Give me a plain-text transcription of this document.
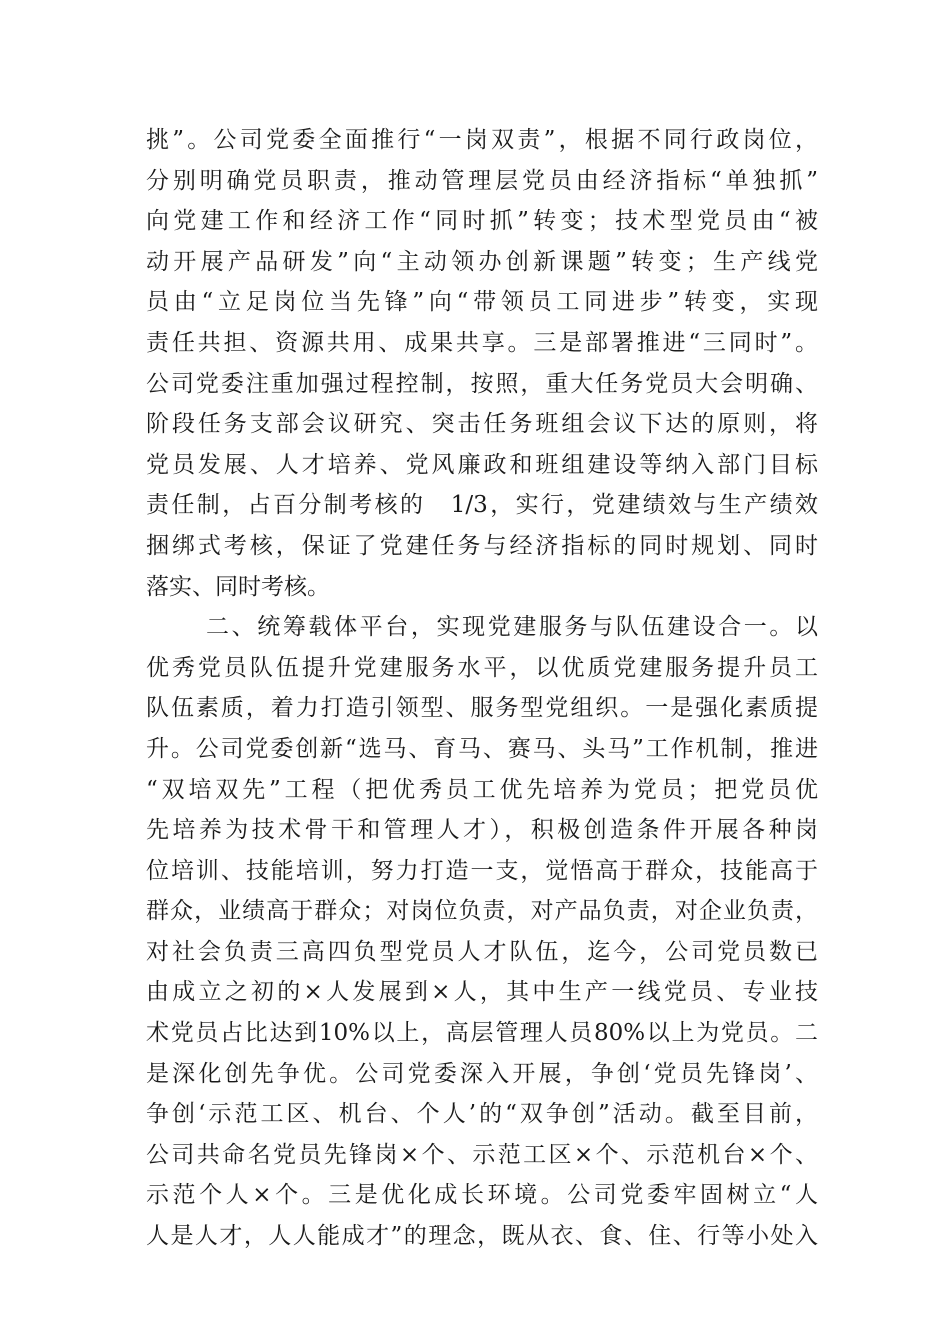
挑”。公司党委全面推行“一岗双责”，根据不同行政岗位，
分别明确党员职责，推动管理层党员由经济指标“单独抓”
向党建工作和经济工作“同时抓”转变；技术型党员由“被
动开展产品研发”向“主动领办创新课题”转变；生产线党
员由“立足岗位当先锋”向“带领员工同进步”转变，实现
责任共担、资源共用、成果共享。三是部署推进“三同时”。
公司党委注重加强过程控制，按照，重大任务党员大会明确、
阶段任务支部会议研究、突击任务班组会议下达的原则，将
党员发展、人才培养、党风廉政和班组建设等纳入部门目标
责任制，占百分制考核的　1/3，实行，党建绩效与生产绩效
捆绑式考核，保证了党建任务与经济指标的同时规划、同时
落实、同时考核。
二、统筹载体平台，实现党建服务与队伍建设合一。以
优秀党员队伍提升党建服务水平，以优质党建服务提升员工
队伍素质，着力打造引领型、服务型党组织。一是强化素质提
升。公司党委创新“选马、育马、赛马、头马”工作机制，推进
“双培双先”工程（把优秀员工优先培养为党员；把党员优
先培养为技术骨干和管理人才），积极创造条件开展各种岗
位培训、技能培训，努力打造一支，觉悟高于群众，技能高于
群众，业绩高于群众；对岗位负责，对产品负责，对企业负责，
对社会负责三高四负型党员人才队伍，迄今，公司党员数已
由成立之初的×人发展到×人，其中生产一线党员、专业技
术党员占比达到10%以上，高层管理人员80%以上为党员。二
是深化创先争优。公司党委深入开展，争创‘党员先锋岗’、
争创‘示范工区、机台、个人’的“双争创”活动。截至目前，
公司共命名党员先锋岗×个、示范工区×个、示范机台×个、
示范个人×个。三是优化成长环境。公司党委牢固树立“人
人是人才，人人能成才”的理念，既从衣、食、住、行等小处入
